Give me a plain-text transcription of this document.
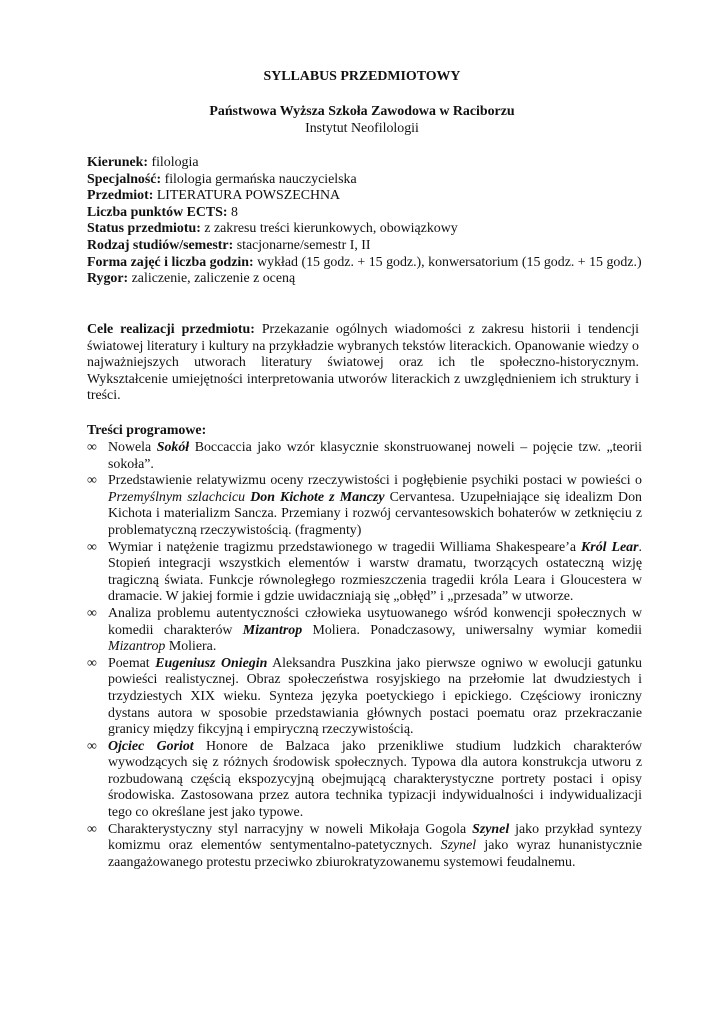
SYLLABUS PRZEDMIOTOWY
Państwowa Wyższa Szkoła Zawodowa w Raciborzu
Instytut Neofilologii
Kierunek: filologia
Specjalność: filologia germańska nauczycielska
Przedmiot: LITERATURA POWSZECHNA
Liczba punktów ECTS: 8
Status przedmiotu: z zakresu treści kierunkowych, obowiązkowy
Rodzaj studiów/semestr: stacjonarne/semestr I, II
Forma zajęć i liczba godzin: wykład (15 godz. + 15 godz.), konwersatorium (15 godz. + 15 godz.)
Rygor: zaliczenie, zaliczenie z oceną
Cele realizacji przedmiotu: Przekazanie ogólnych wiadomości z zakresu historii i tendencji światowej literatury i kultury na przykładzie wybranych tekstów literackich. Opanowanie wiedzy o najważniejszych utworach literatury światowej oraz ich tle społeczno-historycznym. Wykształcenie umiejętności interpretowania utworów literackich z uwzględnieniem ich struktury i treści.
Treści programowe:
∞ Nowela Sokół Boccaccia jako wzór klasycznie skonstruowanej noweli – pojęcie tzw. „teorii sokoła”.
∞ Przedstawienie relatywizmu oceny rzeczywistości i pogłębienie psychiki postaci w powieści o Przemyślnym szlachcicu Don Kichote z Manczy Cervantesa. Uzupełniające się idealizm Don Kichota i materializm Sancza. Przemiany i rozwój cervantesowskich bohaterów w zetknięciu z problematyczną rzeczywistością. (fragmenty)
∞ Wymiar i natężenie tragizmu przedstawionego w tragedii Williama Shakespeare’a Król Lear. Stopień integracji wszystkich elementów i warstw dramatu, tworzących ostateczną wizję tragiczną świata. Funkcje równoległego rozmieszczenia tragedii króla Leara i Gloucestera w dramacie. W jakiej formie i gdzie uwidaczniają się „obłęd” i „przesada” w utworze.
∞ Analiza problemu autentyczności człowieka usytuowanego wśród konwencji społecznych w komedii charakterów Mizantrop Moliera. Ponadczasowy, uniwersalny wymiar komedii Mizantrop Moliera.
∞ Poemat Eugeniusz Oniegin Aleksandra Puszkina jako pierwsze ogniwo w ewolucji gatunku powieści realistycznej. Obraz społeczeństwa rosyjskiego na przełomie lat dwudziestych i trzydziestych XIX wieku. Synteza języka poetyckiego i epickiego. Częściowy ironiczny dystans autora w sposobie przedstawiania głównych postaci poematu oraz przekraczanie granicy między fikcyjną i empiryczną rzeczywistością.
∞ Ojciec Goriot Honore de Balzaca jako przenikliwe studium ludzkich charakterów wywodzących się z różnych środowisk społecznych. Typowa dla autora konstrukcja utworu z rozbudowaną częścią ekspozycyjną obejmującą charakterystyczne portrety postaci i opisy środowiska. Zastosowana przez autora technika typizacji indywidualności i indywidualizacji tego co określane jest jako typowe.
∞ Charakterystyczny styl narracyjny w noweli Mikołaja Gogola Szynel jako przykład syntezy komizmu oraz elementów sentymentalno-patetycznych. Szynel jako wyraz hunanistycznie zaangażowanego protestu przeciwko zbiurokratyzowanemu systemowi feudalnemu.
